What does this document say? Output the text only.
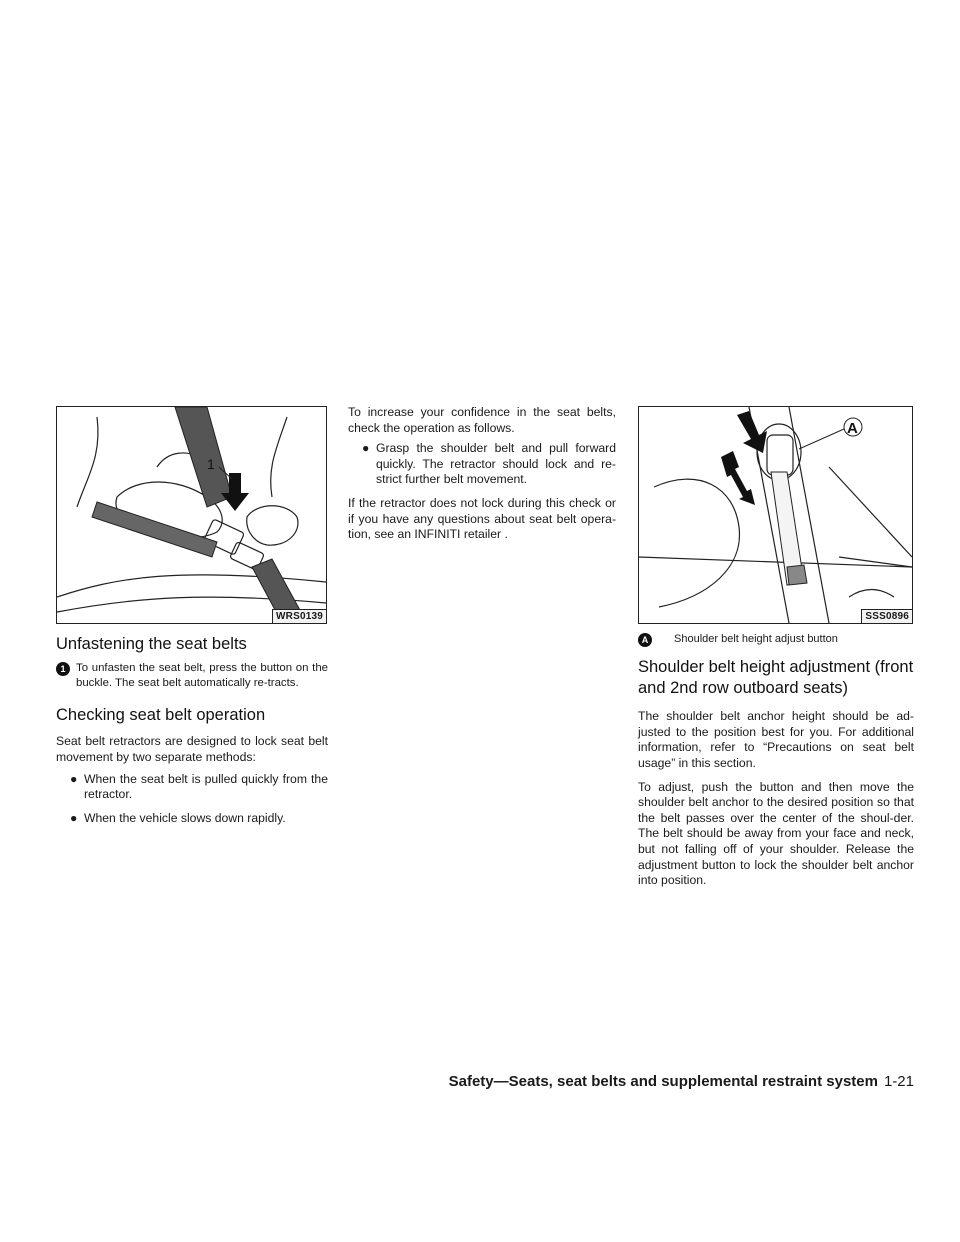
1
WRS0139
Unfastening the seat belts
1 To unfasten the seat belt, press the button on the buckle. The seat belt automatically re-tracts.
Checking seat belt operation

Seat belt retractors are designed to lock seat belt movement by two separate methods:

● When the seat belt is pulled quickly from the retractor.
● When the vehicle slows down rapidly.

To increase your confidence in the seat belts, check the operation as follows.

● Grasp the shoulder belt and pull forward quickly. The retractor should lock and re-strict further belt movement.

If the retractor does not lock during this check or if you have any questions about seat belt opera-tion, see an INFINITI retailer .

A
SSS0896
A	Shoulder belt height adjust button
Shoulder belt height adjustment (front and 2nd row outboard seats)

The shoulder belt anchor height should be ad-justed to the position best for you. For additional information, refer to “Precautions on seat belt usage” in this section.

To adjust, push the button and then move the shoulder belt anchor to the desired position so that the belt passes over the center of the shoul-der. The belt should be away from your face and neck, but not falling off of your shoulder. Release the adjustment button to lock the shoulder belt anchor into position.

Safety—Seats, seat belts and supplemental restraint system 1-21
